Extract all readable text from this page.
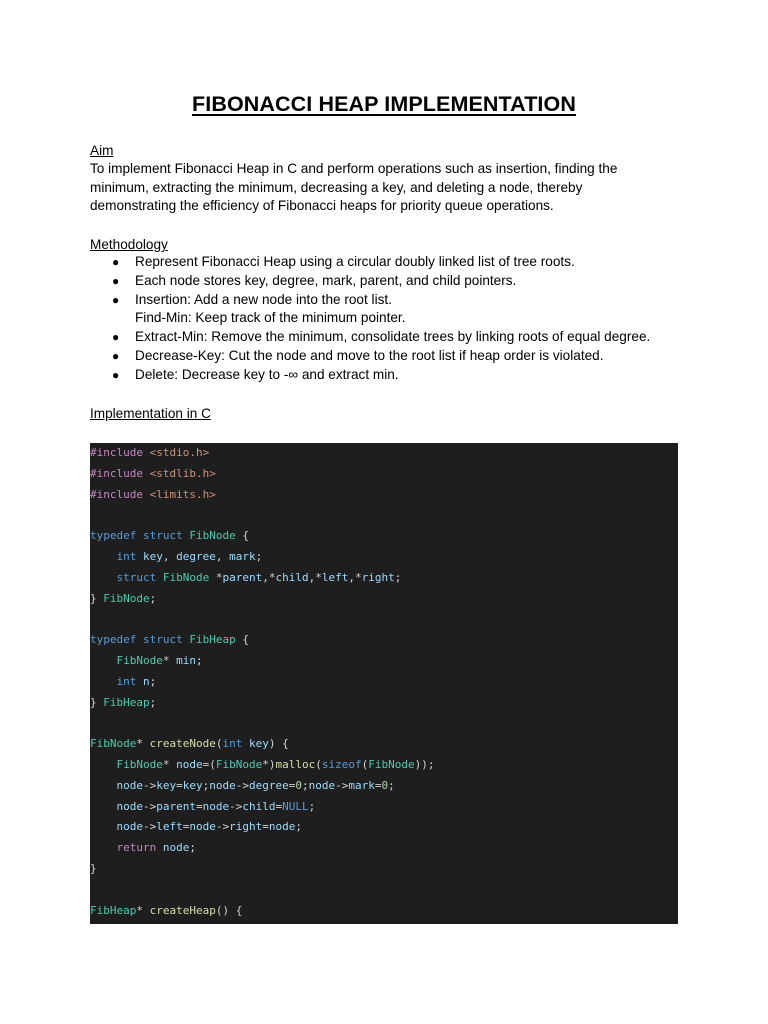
FIBONACCI HEAP IMPLEMENTATION

Aim

To implement Fibonacci Heap in C and perform operations such as insertion, finding the
minimum, extracting the minimum, decreasing a key, and deleting a node, thereby
demonstrating the efficiency of Fibonacci heaps for priority queue operations.

Methodology

● Represent Fibonacci Heap using a circular doubly linked list of tree roots.
● Each node stores key, degree, mark, parent, and child pointers.
● Insertion: Add a new node into the root list.
Find-Min: Keep track of the minimum pointer.
● Extract-Min: Remove the minimum, consolidate trees by linking roots of equal degree.
● Decrease-Key: Cut the node and move to the root list if heap order is violated.
● Delete: Decrease key to -∞ and extract min.

Implementation in C

#include <stdio.h>
#include <stdlib.h>
#include <limits.h>
typedef struct FibNode {
int key, degree, mark;
struct FibNode *parent,*child,*left,*right;
} FibNode;
typedef struct FibHeap {
FibNode* min;
int n;
} FibHeap;
FibNode* createNode(int key) {
FibNode* node=(FibNode*)malloc(sizeof(FibNode));
node->key=key;node->degree=0;node->mark=0;
node->parent=node->child=NULL;
node->left=node->right=node;
return node;
}
FibHeap* createHeap() {
